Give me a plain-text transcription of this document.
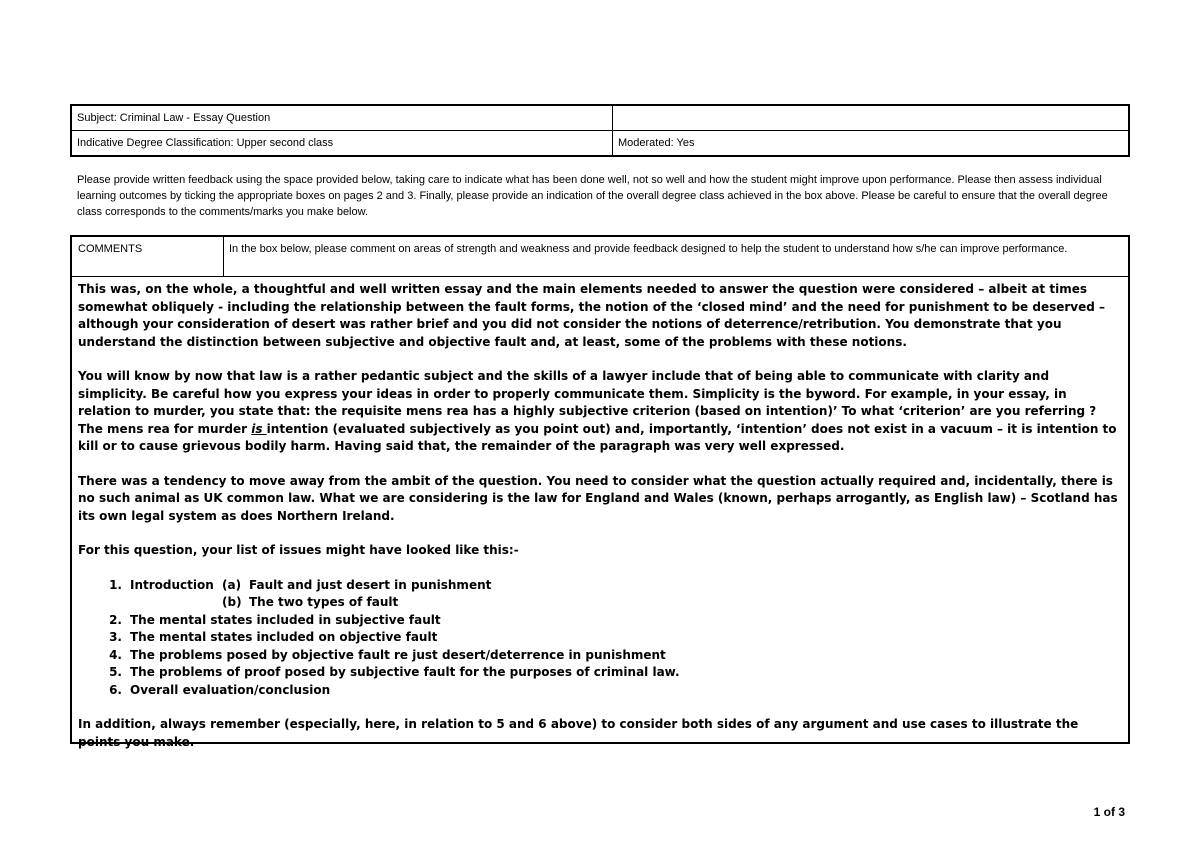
Subject: Criminal Law - Essay Question
Indicative Degree Classification: Upper second class	Moderated: Yes
Please provide written feedback using the space provided below, taking care to indicate what has been done well, not so well and how the student might improve upon performance. Please then assess individual learning outcomes by ticking the appropriate boxes on pages 2 and 3. Finally, please provide an indication of the overall degree class achieved in the box above. Please be careful to ensure that the overall degree class corresponds to the comments/marks you make below.
COMMENTS	In the box below, please comment on areas of strength and weakness and provide feedback designed to help the student to understand how s/he can improve performance.

This was, on the whole, a thoughtful and well written essay and the main elements needed to answer the question were considered – albeit at times somewhat obliquely - including the relationship between the fault forms, the notion of the ‘closed mind’ and the need for punishment to be deserved – although your consideration of desert was rather brief and you did not consider the notions of deterrence/retribution. You demonstrate that you understand the distinction between subjective and objective fault and, at least, some of the problems with these notions.

You will know by now that law is a rather pedantic subject and the skills of a lawyer include that of being able to communicate with clarity and simplicity. Be careful how you express your ideas in order to properly communicate them. Simplicity is the byword. For example, in your essay, in relation to murder, you state that: the requisite mens rea has a highly subjective criterion (based on intention)’ To what ‘criterion’ are you referring ? The mens rea for murder is intention (evaluated subjectively as you point out) and, importantly, ‘intention’ does not exist in a vacuum – it is intention to kill or to cause grievous bodily harm. Having said that, the remainder of the paragraph was very well expressed.

There was a tendency to move away from the ambit of the question. You need to consider what the question actually required and, incidentally, there is no such animal as UK common law. What we are considering is the law for England and Wales (known, perhaps arrogantly, as English law) – Scotland has its own legal system as does Northern Ireland.

For this question, your list of issues might have looked like this:-

1. Introduction (a) Fault and just desert in punishment
(b) The two types of fault
2. The mental states included in subjective fault
3. The mental states included on objective fault
4. The problems posed by objective fault re just desert/deterrence in punishment
5. The problems of proof posed by subjective fault for the purposes of criminal law.
6. Overall evaluation/conclusion

In addition, always remember (especially, here, in relation to 5 and 6 above) to consider both sides of any argument and use cases to illustrate the points you make.

1 of 3
